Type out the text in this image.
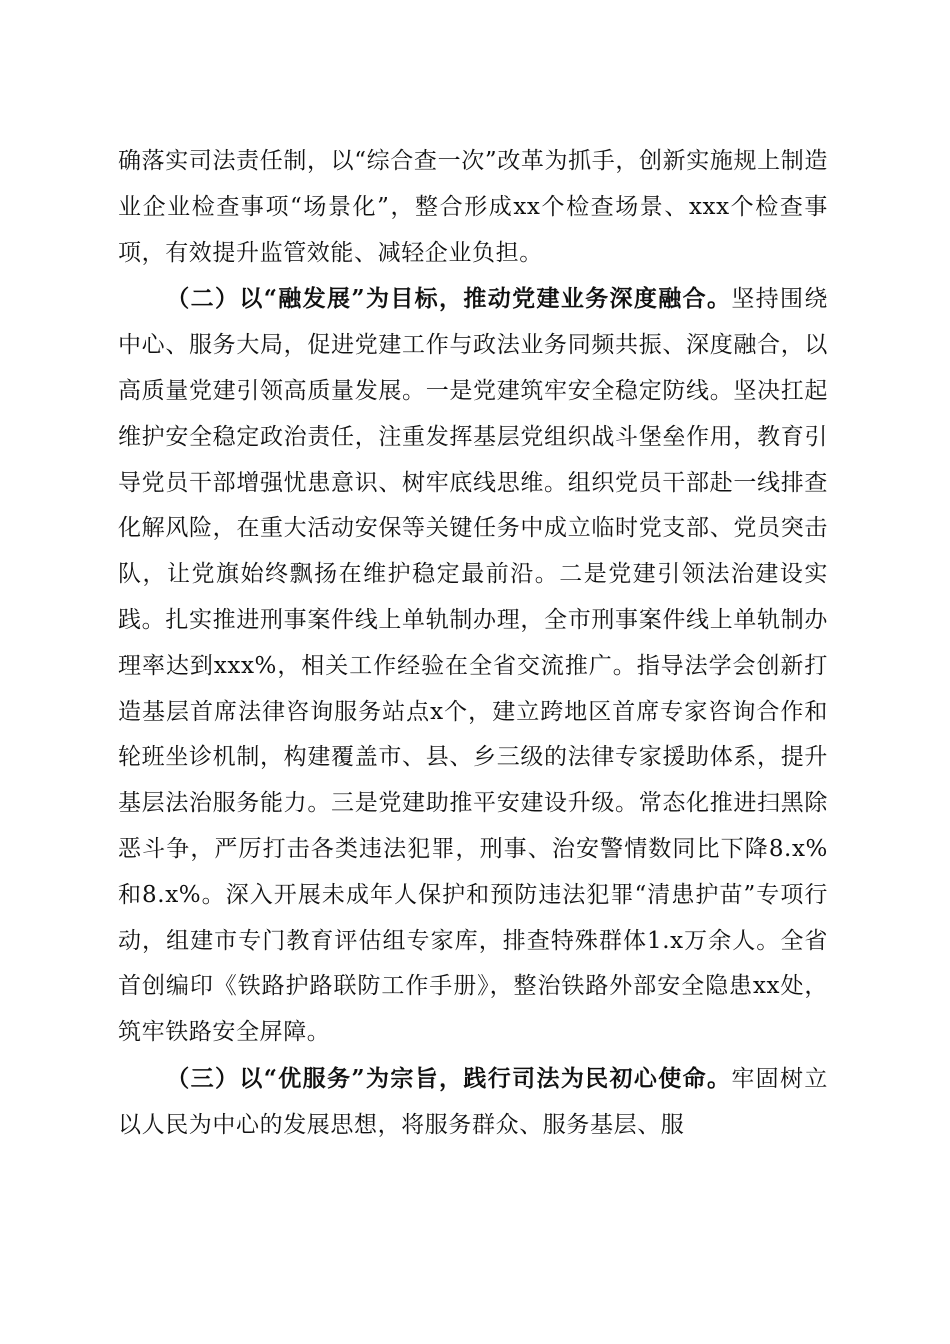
确落实司法责任制，以“综合查一次”改革为抓手，创新实施规上制造业企业检查事项“场景化”，整合形成xx个检查场景、xxx个检查事项，有效提升监管效能、减轻企业负担。

（二）以“融发展”为目标，推动党建业务深度融合。坚持围绕中心、服务大局，促进党建工作与政法业务同频共振、深度融合，以高质量党建引领高质量发展。一是党建筑牢安全稳定防线。坚决扛起维护安全稳定政治责任，注重发挥基层党组织战斗堡垒作用，教育引导党员干部增强忧患意识、树牢底线思维。组织党员干部赴一线排查化解风险，在重大活动安保等关键任务中成立临时党支部、党员突击队，让党旗始终飘扬在维护稳定最前沿。二是党建引领法治建设实践。扎实推进刑事案件线上单轨制办理，全市刑事案件线上单轨制办理率达到xxx%，相关工作经验在全省交流推广。指导法学会创新打造基层首席法律咨询服务站点x个，建立跨地区首席专家咨询合作和轮班坐诊机制，构建覆盖市、县、乡三级的法律专家援助体系，提升基层法治服务能力。三是党建助推平安建设升级。常态化推进扫黑除恶斗争，严厉打击各类违法犯罪，刑事、治安警情数同比下降8.x%和8.x%。深入开展未成年人保护和预防违法犯罪“清患护苗”专项行动，组建市专门教育评估组专家库，排查特殊群体1.x万余人。全省首创编印《铁路护路联防工作手册》，整治铁路外部安全隐患xx处，筑牢铁路安全屏障。

（三）以“优服务”为宗旨，践行司法为民初心使命。牢固树立以人民为中心的发展思想，将服务群众、服务基层、服
